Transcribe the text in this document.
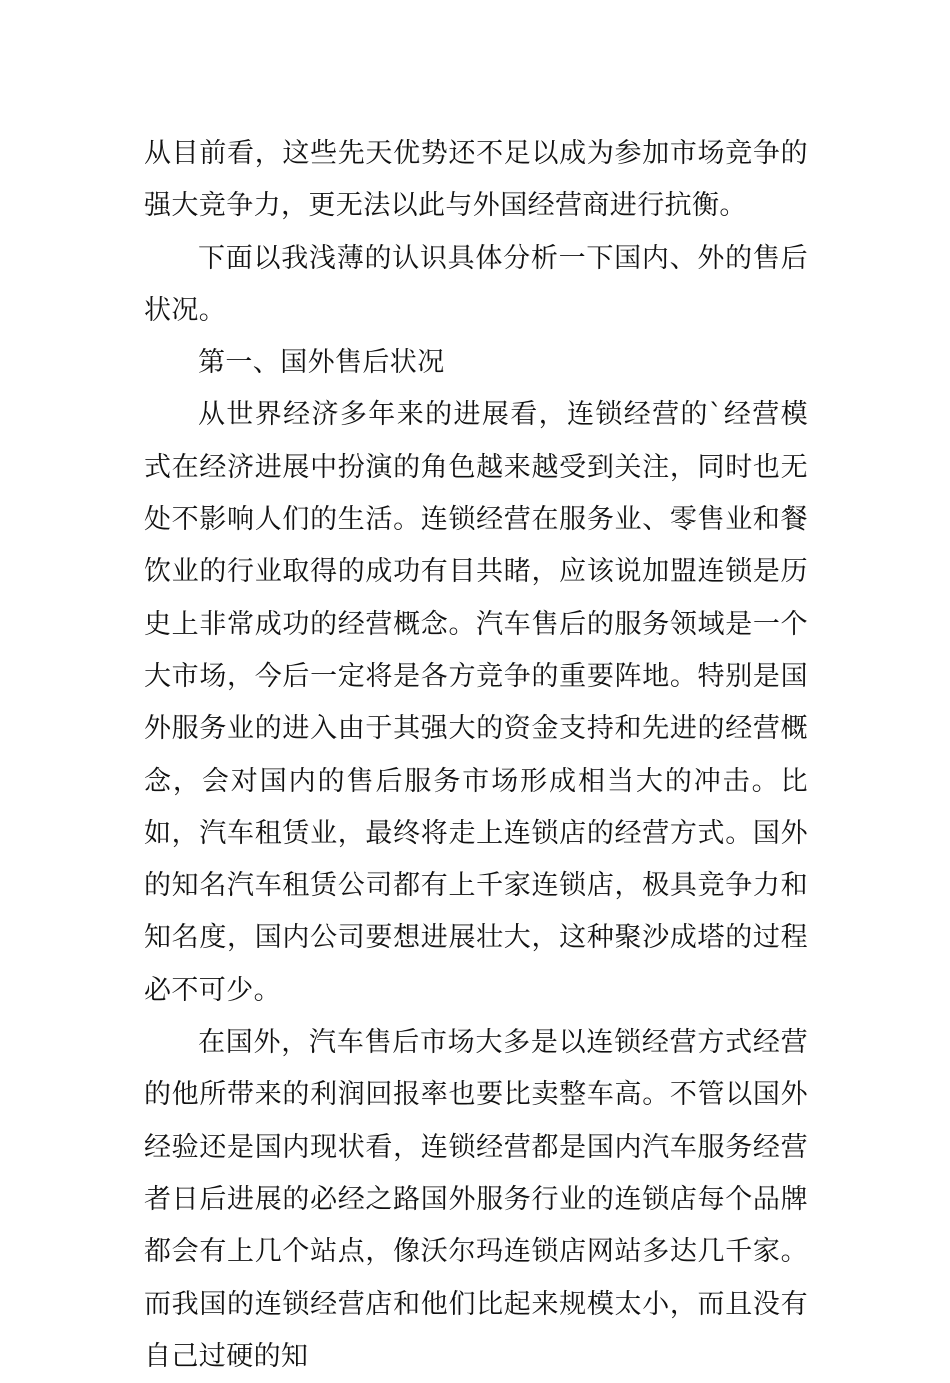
从目前看，这些先天优势还不足以成为参加市场竞争的强大竞争力，更无法以此与外国经营商进行抗衡。

下面以我浅薄的认识具体分析一下国内、外的售后状况。

第一、国外售后状况

从世界经济多年来的进展看，连锁经营的`经营模式在经济进展中扮演的角色越来越受到关注，同时也无处不影响人们的生活。连锁经营在服务业、零售业和餐饮业的行业取得的成功有目共睹，应该说加盟连锁是历史上非常成功的经营概念。汽车售后的服务领域是一个大市场，今后一定将是各方竞争的重要阵地。特别是国外服务业的进入由于其强大的资金支持和先进的经营概念，会对国内的售后服务市场形成相当大的冲击。比如，汽车租赁业，最终将走上连锁店的经营方式。国外的知名汽车租赁公司都有上千家连锁店，极具竞争力和知名度，国内公司要想进展壮大，这种聚沙成塔的过程必不可少。

在国外，汽车售后市场大多是以连锁经营方式经营的他所带来的利润回报率也要比卖整车高。不管以国外经验还是国内现状看，连锁经营都是国内汽车服务经营者日后进展的必经之路国外服务行业的连锁店每个品牌都会有上几个站点，像沃尔玛连锁店网站多达几千家。而我国的连锁经营店和他们比起来规模太小，而且没有自己过硬的知
